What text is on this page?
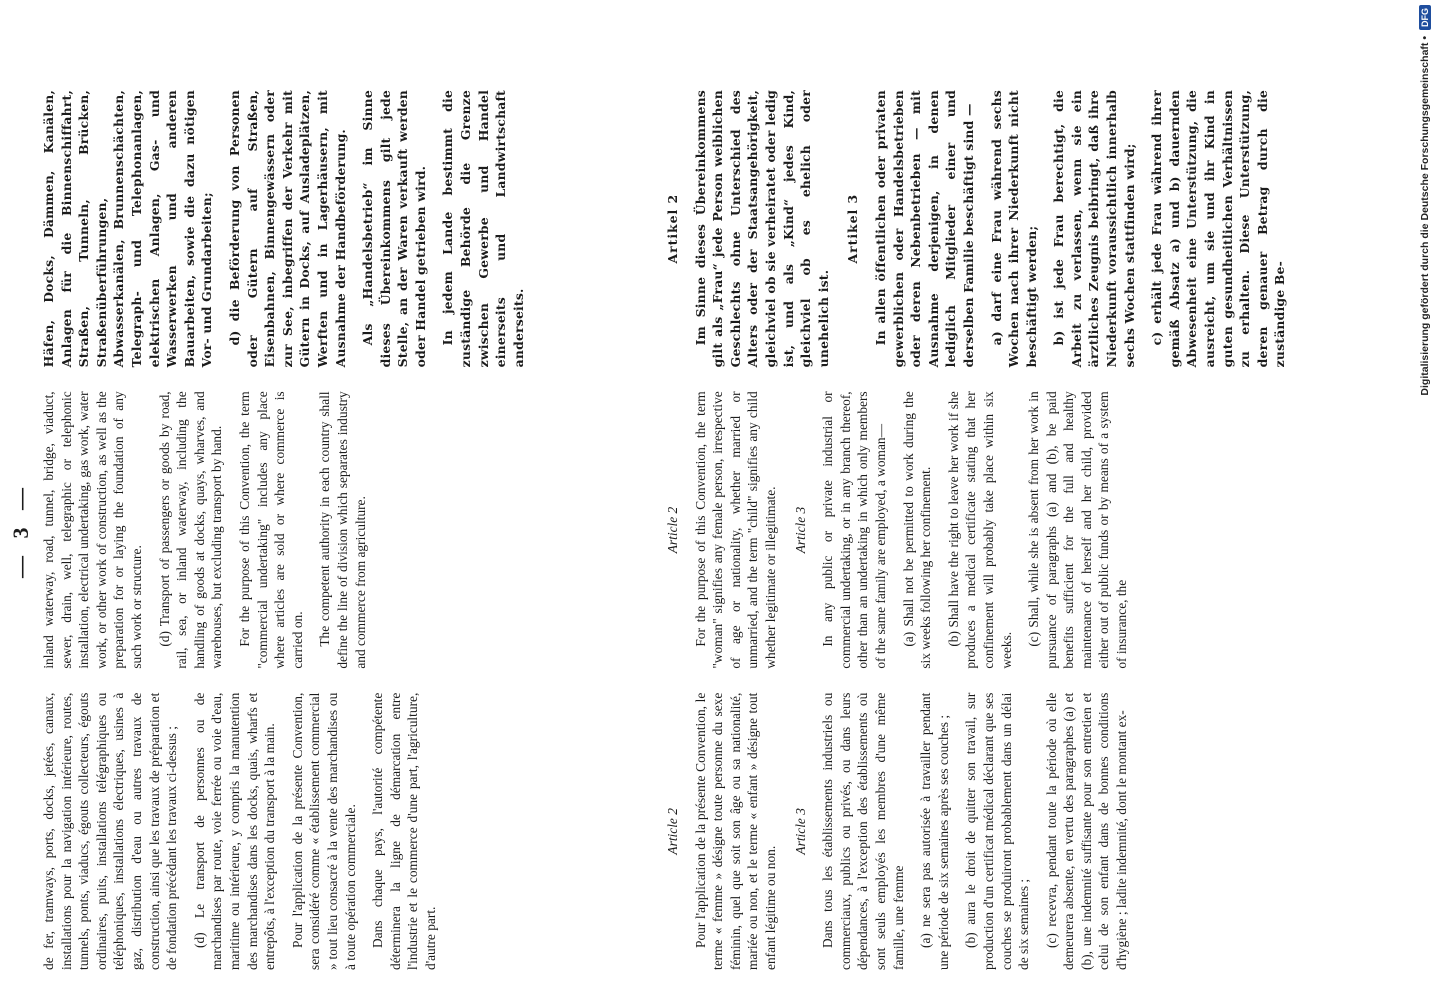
— 3 —

de fer, tramways, ports, docks, jetées, canaux, installations pour la navigation intérieure, routes, tunnels, ponts, viaducs, égouts collecteurs, égouts ordinaires, puits, installations télégraphiques ou téléphoniques, installations électriques, usines à gaz, distribution d'eau ou autres travaux de construction, ainsi que les travaux de préparation et de fondation précédant les travaux ci-dessus ; (d) Le transport de personnes ou de marchandises par route, voie ferrée ou voie d'eau, maritime ou intérieure, y compris la manutention des marchandises dans les docks, quais, wharfs et entrepôts, à l'exception du transport à la main. Pour l'application de la présente Convention, sera considéré comme « établissement commercial » tout lieu consacré à la vente des marchandises ou à toute opération commerciale. Dans chaque pays, l'autorité compétente déterminera la ligne de démarcation entre l'industrie et le commerce d'une part, l'agriculture, d'autre part.

inland waterway, road, tunnel, bridge, viaduct, sewer, drain, well, telegraphic or telephonic installation, electrical undertaking, gas work, water work, or other work of construction, as well as the preparation for or laying the foundation of any such work or structure. (d) Transport of passengers or goods by road, rail, sea, or inland waterway, including the handling of goods at docks, quays, wharves, and warehouses, but excluding transport by hand. For the purpose of this Convention, the term "commercial undertaking" includes any place where articles are sold or where commerce is carried on. The competent authority in each country shall define the line of division which separates industry and commerce from agriculture.

Häfen, Docks, Dämmen, Kanälen, Anlagen für die Binnenschiffahrt, Straßen, Tunneln, Brücken, Straßenüberführungen, Abwasserkanälen, Brunnenschächten, Telegraph- und Telephonanlagen, elektrischen Anlagen, Gas- und Wasserwerken und anderen Bauarbeiten, sowie die dazu nötigen Vor- und Grundarbeiten; d) die Beförderung von Personen oder Gütern auf Straßen, Eisenbahnen, Binnengewässern oder zur See, inbegriffen der Verkehr mit Gütern in Docks, auf Ausladeplätzen, Werften und in Lagerhäusern, mit Ausnahme der Handbeförderung. Als „Handelsbetrieb“ im Sinne dieses Übereinkommens gilt jede Stelle, an der Waren verkauft werden oder Handel getrieben wird. In jedem Lande bestimmt die zuständige Behörde die Grenze zwischen Gewerbe und Handel einerseits und Landwirtschaft anderseits.

Article 2 Pour l'application de la présente Convention, le terme « femme » désigne toute personne du sexe féminin, quel que soit son âge ou sa nationalité, mariée ou non, et le terme « enfant » désigne tout enfant légitime ou non.

Article 3 Dans tous les établissements industriels ou commerciaux, publics ou privés, ou dans leurs dépendances, à l'exception des établissements où sont seuls employés les membres d'une même famille, une femme (a) ne sera pas autorisée à travailler pendant une période de six semaines après ses couches ; (b) aura le droit de quitter son travail, sur production d'un certificat médical déclarant que ses couches se produiront probablement dans un délai de six semaines ; (c) recevra, pendant toute la période où elle demeurera absente, en vertu des paragraphes (a) et (b), une indemnité suffisante pour son entretien et celui de son enfant dans de bonnes conditions d'hygiène ; ladite indemnité, dont le montant ex-

Article 2 For the purpose of this Convention, the term "woman" signifies any female person, irrespective of age or nationality, whether married or unmarried, and the term "child" signifies any child whether legitimate or illegitimate. Article 3 In any public or private industrial or commercial undertaking, or in any branch thereof, other than an undertaking in which only members of the same family are employed, a woman— (a) Shall not be permitted to work during the six weeks following her confinement. (b) Shall have the right to leave her work if she produces a medical certificate stating that her confinement will probably take place within six weeks.

(c) Shall, while she is absent from her work in pursuance of paragraphs (a) and (b), be paid benefits sufficient for the full and healthy maintenance of herself and her child, provided either out of public funds or by means of a system of insurance, the

Artikel 2 Im Sinne dieses Übereinkommens gilt als „Frau“ jede Person weiblichen Geschlechts ohne Unterschied des Alters oder der Staatsangehörigkeit, gleichviel ob sie verheiratet oder ledig ist, und als „Kind“ jedes Kind, gleichviel ob es ehelich oder unehelich ist.

Artikel 3 In allen öffentlichen oder privaten gewerblichen oder Handelsbetrieben oder deren Nebenbetrieben — mit Ausnahme derjenigen, in denen lediglich Mitglieder einer und derselben Familie beschäftigt sind — a) darf eine Frau während sechs Wochen nach ihrer Niederkunft nicht beschäftigt werden; b) ist jede Frau berechtigt, die Arbeit zu verlassen, wenn sie ein ärztliches Zeugnis beibringt, daß ihre Niederkunft voraussichtlich innerhalb sechs Wochen stattfinden wird; c) erhält jede Frau während ihrer gemäß Absatz a) und b) dauernden Abwesenheit eine Unterstützung, die ausreicht, um sie und ihr Kind in guten gesundheitlichen Verhältnissen zu erhalten. Diese Unterstützung, deren genauer Betrag durch die zuständige Be-	Digitalisierung gefördert durch die Deutsche Forschungsgemeinschaft •
DFG
